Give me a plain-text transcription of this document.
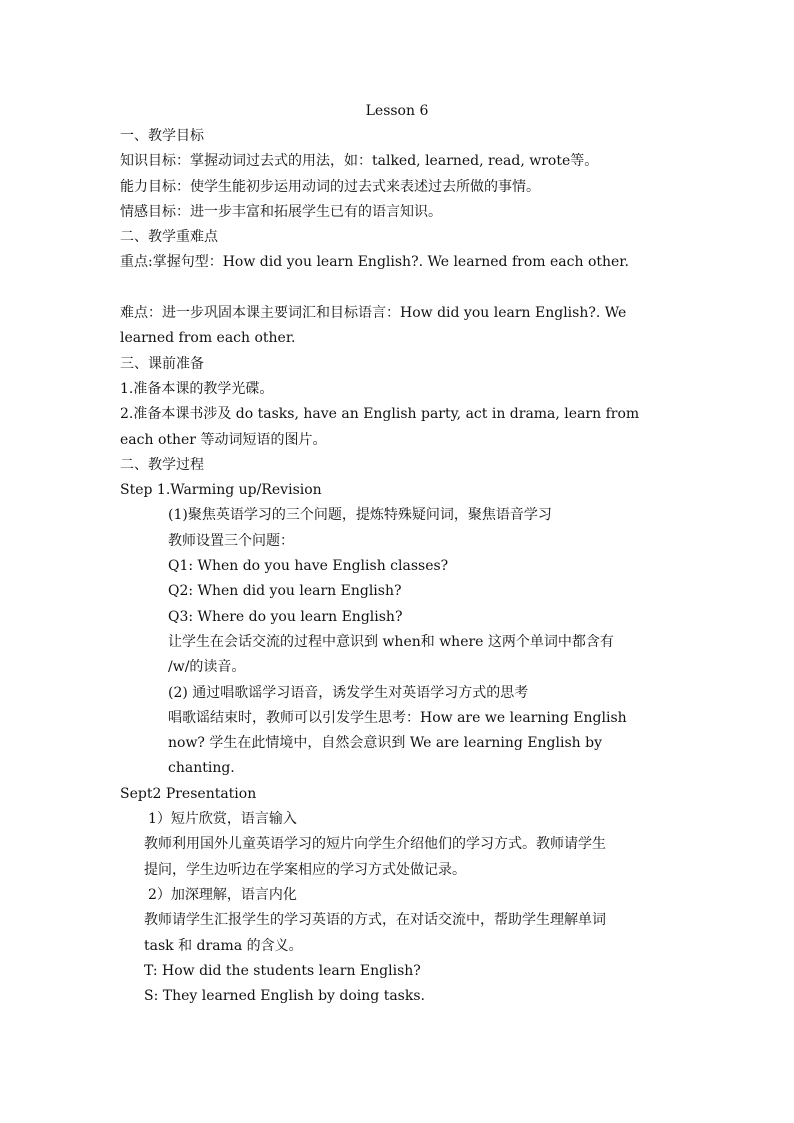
Lesson 6
一、教学目标
知识目标：掌握动词过去式的用法，如：talked, learned, read, wrote等。
能力目标：使学生能初步运用动词的过去式来表述过去所做的事情。
情感目标：进一步丰富和拓展学生已有的语言知识。
二、教学重难点
重点:掌握句型：How did you learn English?. We learned from each other.
难点：进一步巩固本课主要词汇和目标语言：How did you learn English?. We
learned from each other.
三、课前准备
1.准备本课的教学光碟。
2.准备本课书涉及 do tasks, have an English party, act in drama, learn from
each other 等动词短语的图片。
二、教学过程
Step 1.Warming up/Revision
(1)聚焦英语学习的三个问题，提炼特殊疑问词，聚焦语音学习
教师设置三个问题：
Q1: When do you have English classes?
Q2: When did you learn English?
Q3: Where do you learn English?
让学生在会话交流的过程中意识到 when和 where 这两个单词中都含有
/w/的读音。
(2) 通过唱歌谣学习语音，诱发学生对英语学习方式的思考
唱歌谣结束时，教师可以引发学生思考：How are we learning English
now? 学生在此情境中，自然会意识到 We are learning English by
chanting.
Sept2 Presentation
1）短片欣赏，语言输入
教师利用国外儿童英语学习的短片向学生介绍他们的学习方式。教师请学生
提问，学生边听边在学案相应的学习方式处做记录。
2）加深理解，语言内化
教师请学生汇报学生的学习英语的方式，在对话交流中，帮助学生理解单词
task 和 drama 的含义。
T: How did the students learn English?
S: They learned English by doing tasks.
